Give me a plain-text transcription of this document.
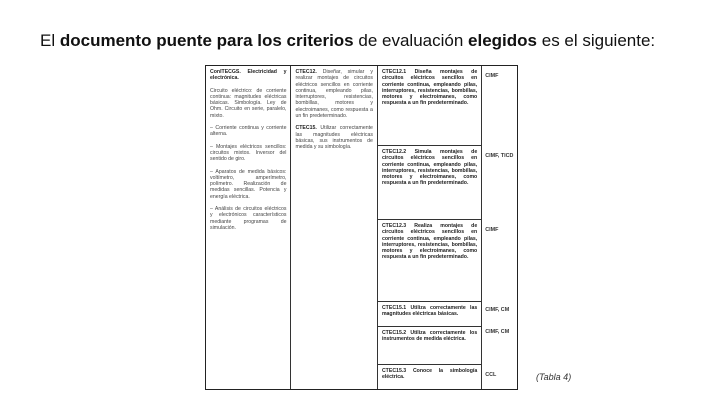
El documento puente para los criterios de evaluación elegidos es el siguiente:
ConITECGS. Electricidad y electrónica.
Circuito eléctrico: de corriente continua: magnitudes eléctricas básicas. Simbología. Ley de Ohm. Circuito en serie, paralelo, mixto.
– Corriente continua y corriente alterna.
– Montajes eléctricos sencillos: circuitos mixtos. Inversor del sentido de giro.
– Aparatos de medida básicos: voltímetro, amperímetro, polímetro. Realización de medidas sencillas. Potencia y energía eléctrica.
– Análisis de circuitos eléctricos y electrónicos característicos mediante programas de simulación.
CTEC12. Diseñar, simular y realizar montajes de circuitos eléctricos sencillos en corriente continua, empleando pilas, interruptores, resistencias, bombillas, motores y electroimanes, como respuesta a un fin predeterminado.
CTEC15. Utilizar correctamente las magnitudes eléctricas básicas, sus instrumentos de medida y su simbología.
CTEC12.1 Diseña montajes de circuitos eléctricos sencillos en corriente continua, empleando pilas, interruptores, resistencias, bombillas, motores y electroimanes, como respuesta a un fin predeterminado.
CTEC12.2 Simula montajes de circuitos eléctricos sencillos en corriente continua, empleando pilas, interruptores, resistencias, bombillas, motores y electroimanes, como respuesta a un fin predeterminado.
CTEC12.3 Realiza montajes de circuitos eléctricos sencillos en corriente continua, empleando pilas, interruptores, resistencias, bombillas, motores y electroimanes, como respuesta a un fin predeterminado.
CTEC15.1 Utiliza correctamente las magnitudes eléctricas básicas.
CTEC15.2 Utiliza correctamente los instrumentos de medida eléctrica.
CTEC15.3 Conoce la simbología eléctrica.
CIMF
CIMF, TICD
CIMF
CIMF, CM
CIMF, CM
CCL	(Tabla 4)
